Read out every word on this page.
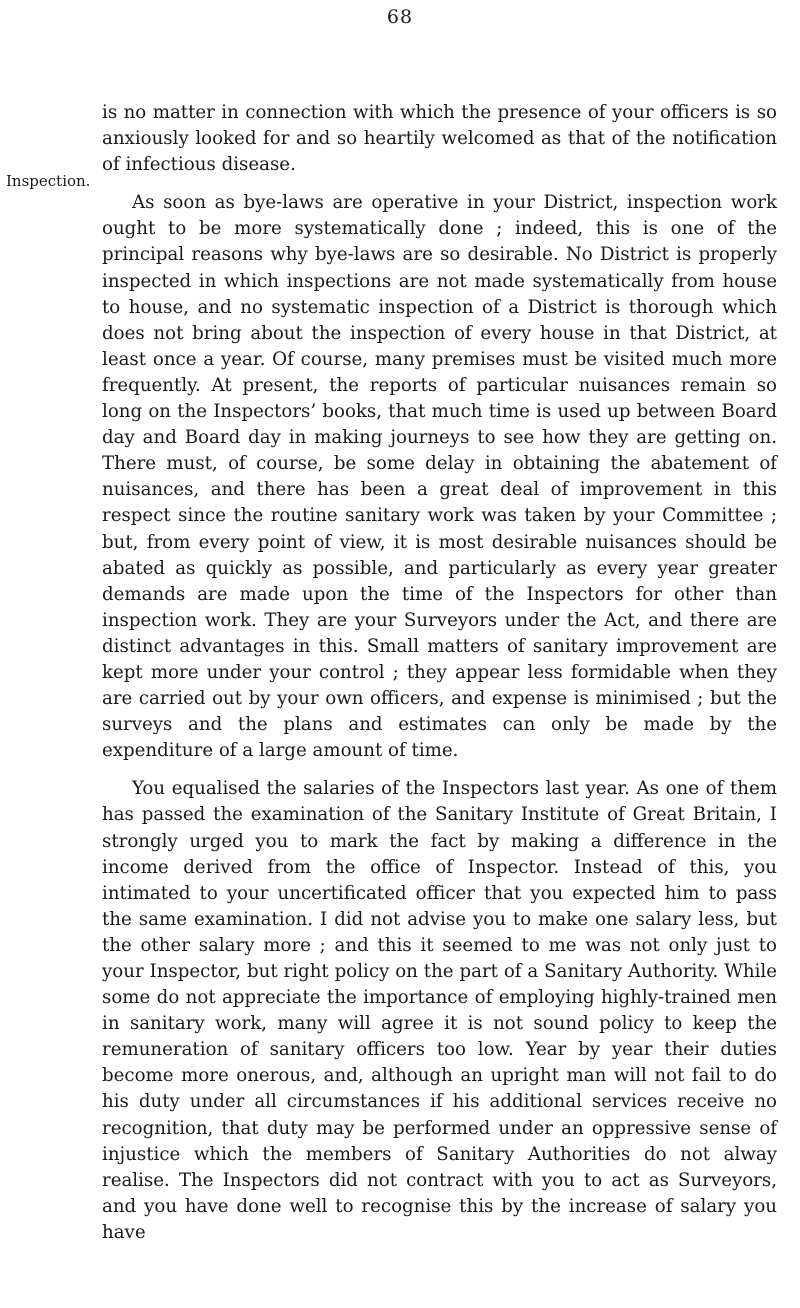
68
Inspection.

is no matter in connection with which the presence of your officers is so anxiously looked for and so heartily welcomed as that of the notification of infectious disease.

As soon as bye-laws are operative in your District, inspection work ought to be more systematically done ; indeed, this is one of the principal reasons why bye-laws are so desirable. No District is properly inspected in which inspections are not made systematically from house to house, and no systematic inspection of a District is thorough which does not bring about the inspection of every house in that District, at least once a year. Of course, many premises must be visited much more frequently. At present, the reports of particular nuisances remain so long on the Inspectors’ books, that much time is used up between Board day and Board day in making journeys to see how they are getting on. There must, of course, be some delay in obtaining the abatement of nuisances, and there has been a great deal of improvement in this respect since the routine sanitary work was taken by your Committee ; but, from every point of view, it is most desirable nuisances should be abated as quickly as possible, and particularly as every year greater demands are made upon the time of the Inspectors for other than inspection work. They are your Surveyors under the Act, and there are distinct advantages in this. Small matters of sanitary improvement are kept more under your control ; they appear less formidable when they are carried out by your own officers, and expense is minimised ; but the surveys and the plans and estimates can only be made by the expenditure of a large amount of time.

You equalised the salaries of the Inspectors last year. As one of them has passed the examination of the Sanitary Institute of Great Britain, I strongly urged you to mark the fact by making a difference in the income derived from the office of Inspector. Instead of this, you intimated to your uncertificated officer that you expected him to pass the same examination. I did not advise you to make one salary less, but the other salary more ; and this it seemed to me was not only just to your Inspector, but right policy on the part of a Sanitary Authority. While some do not appreciate the importance of employing highly-trained men in sanitary work, many will agree it is not sound policy to keep the remuneration of sanitary officers too low. Year by year their duties become more onerous, and, although an upright man will not fail to do his duty under all circumstances if his additional services receive no recognition, that duty may be performed under an oppressive sense of injustice which the members of Sanitary Authorities do not alway realise. The Inspectors did not contract with you to act as Surveyors, and you have done well to recognise this by the increase of salary you have
